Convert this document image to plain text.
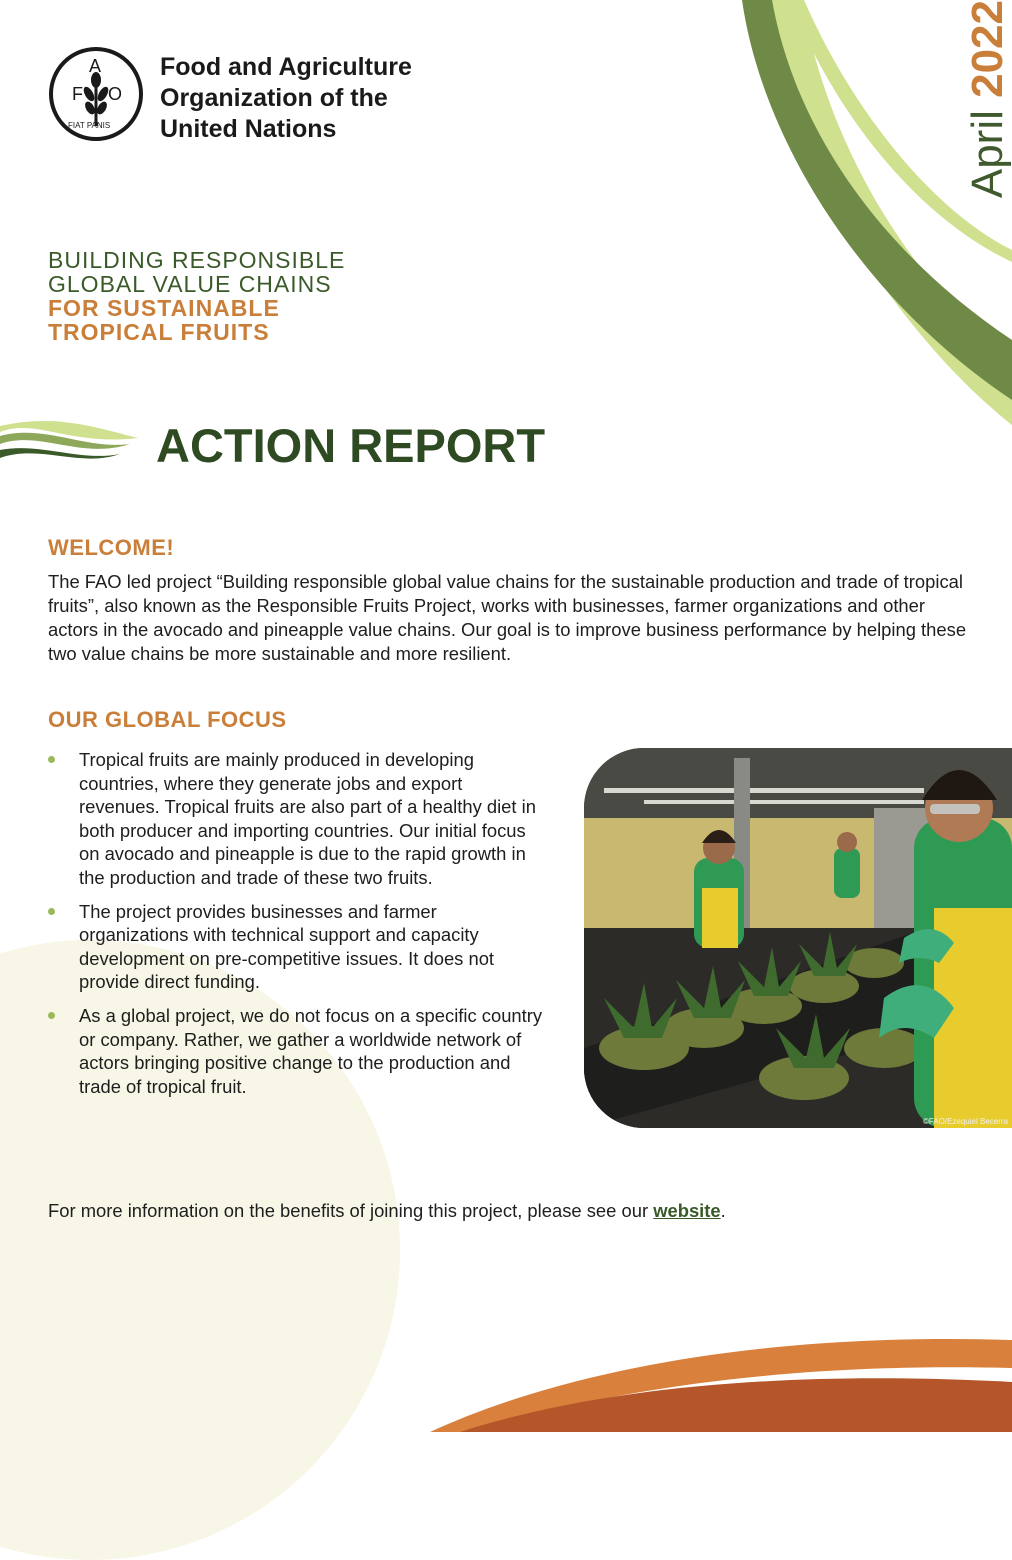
F
A
O
FIAT PANIS
Food and Agriculture
Organization of the
United Nations	April 2022
BUILDING RESPONSIBLE
GLOBAL VALUE CHAINS
FOR SUSTAINABLE
TROPICAL FRUITS
ACTION REPORT
WELCOME!
The FAO led project “Building responsible global value chains for the sustainable production and trade of tropical fruits”, also known as the Responsible Fruits Project, works with businesses, farmer organizations and other actors in the avocado and pineapple value chains. Our goal is to improve business performance by helping these two value chains be more sustainable and more resilient.
OUR GLOBAL FOCUS
Tropical fruits are mainly produced in developing countries, where they generate jobs and export revenues. Tropical fruits are also part of a healthy diet in both producer and importing countries. Our initial focus on avocado and pineapple is due to the rapid growth in the production and trade of these two fruits.
The project provides businesses and farmer organizations with technical support and capacity development on pre-competitive issues. It does not provide direct funding.
As a global project, we do not focus on a specific country or company. Rather, we gather a worldwide network of actors bringing positive change to the production and trade of tropical fruit.
©FAO/Ezequiel Becerra
For more information on the benefits of joining this project, please see our website.
